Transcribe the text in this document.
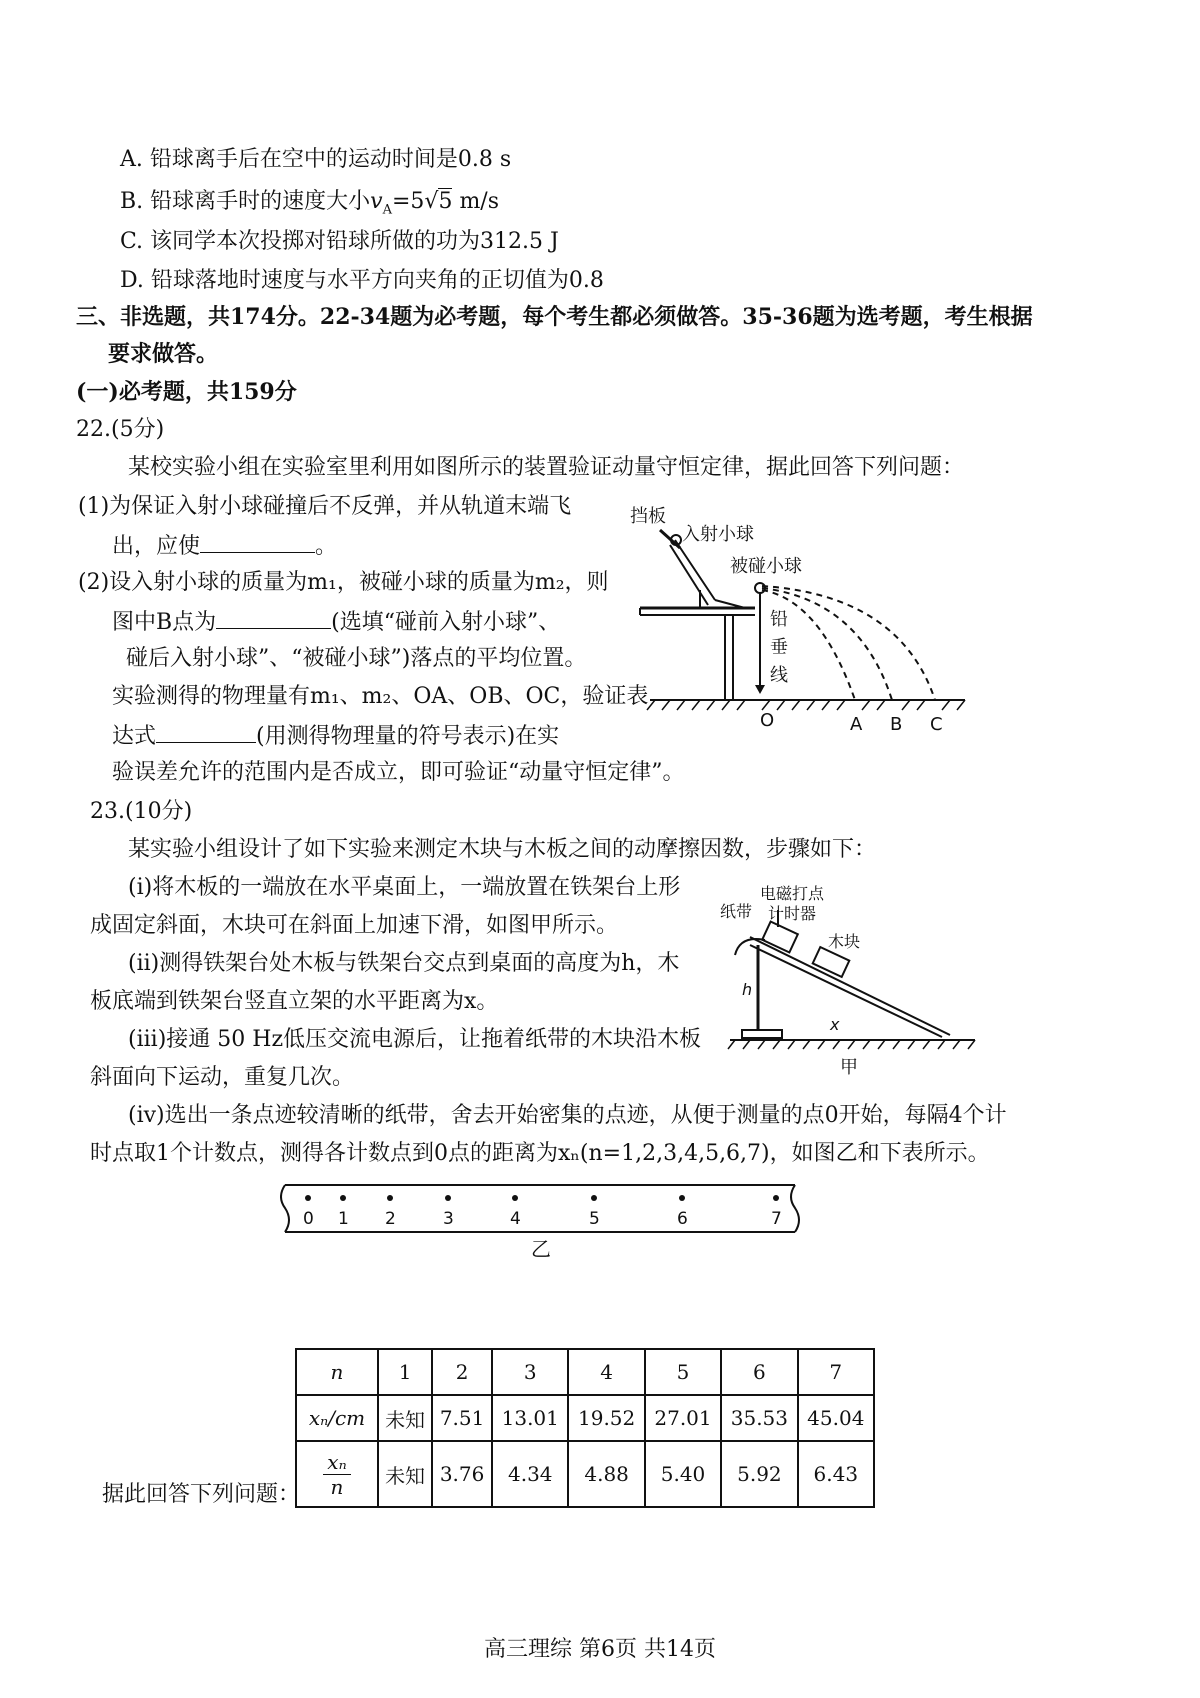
A. 铅球离手后在空中的运动时间是0.8 s
B. 铅球离手时的速度大小$v_A=5√5$ m/s
C. 该同学本次投掷对铅球所做的功为312.5 J
D. 铅球落地时速度与水平方向夹角的正切值为0.8
三、非选题，共174分。22-34题为必考题，每个考生都必须做答。35-36题为选考题，考生根据
要求做答。
(一)必考题，共159分
22.(5分)
某校实验小组在实验室里利用如图所示的装置验证动量守恒定律，据此回答下列问题：
(1)为保证入射小球碰撞后不反弹，并从轨道末端飞
出，应使	。
(2)设入射小球的质量为m₁，被碰小球的质量为m₂，则
图中B点为	(选填“碰前入射小球”、
碰后入射小球”、“被碰小球”)落点的平均位置。
实验测得的物理量有m₁、m₂、OA、OB、OC，验证表
达式	(用测得物理量的符号表示)在实
验误差允许的范围内是否成立，即可验证“动量守恒定律”。
挡板
入射小球
被碰小球
铅
垂
线
O	A B C
23.(10分)
某实验小组设计了如下实验来测定木块与木板之间的动摩擦因数，步骤如下：
(i)将木板的一端放在水平桌面上，一端放置在铁架台上形
成固定斜面，木块可在斜面上加速下滑，如图甲所示。
(ii)测得铁架台处木板与铁架台交点到桌面的高度为h，木
板底端到铁架台竖直立架的水平距离为x。
(iii)接通 50 Hz低压交流电源后，让拖着纸带的木块沿木板
斜面向下运动，重复几次。
(iv)选出一条点迹较清晰的纸带，舍去开始密集的点迹，从便于测量的点0开始，每隔4个计
时点取1个计数点，测得各计数点到0点的距离为xₙ(n=1,2,3,4,5,6,7)，如图乙和下表所示。
电磁打点
计时器
纸带
木块
h
x
甲
0 1 2	3	4	5	6	7
乙
n	1	2	3	4	5	6	7
xₙ/cm	未知	7.51	13.01	19.52	27.01	35.53	45.04

$\frac{\text{xₙ}}{n}$	未知	3.76	4.34	4.88	5.40	5.92	6.43
据此回答下列问题：
高三理综 第6页 共14页
